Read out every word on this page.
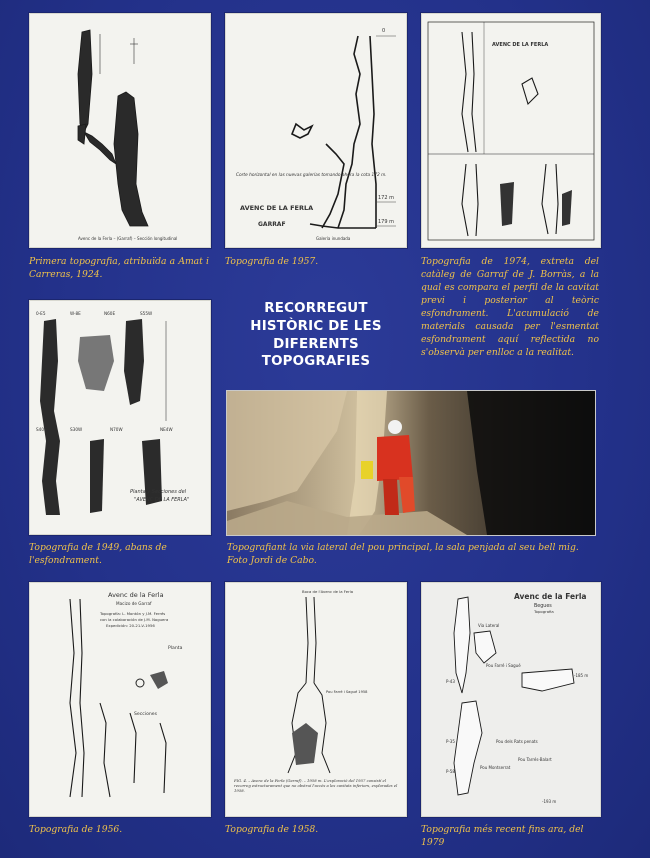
Avenc de la Ferla – (Garraf) – Sección longitudinal
Primera topografia, atribuïda a Amat i Carreras, 1924.
0
172 m
179 m
Corte horizontal en las nuevas galerías tomando ahora la cota 172 m.
AVENC DE LA FERLA
GARRAF
Galería inundada
Topografia de 1957.
AVENC DE LA FERLA
Topografia de 1974, extreta del catàleg de Garraf de J. Borràs, a la qual es compara el perfil de la cavitat previ i posterior al teòric esfondrament. L'acumulació de materials causada per l'esmentat esfondrament aquí reflectida no s'observà per enlloc a la realitat.
RECORREGUT
HISTÒRIC DE LES
DIFERENTS
TOPOGRAFIES
0-E5	W-8E	N60E	S55W
S40E	S30W	N70W	NE4W
Planta y Secciones del
"AVENC DE LA FERLA"
Topografia de 1949, abans de l'esfondrament.
Topografiant la via lateral del pou principal, la sala penjada al seu bell mig. Foto Jordi de Cabo.
Avenc de la Ferla
Macizo de Garraf
Topografía: L. Montón y J.M. Ferrés
con la colaboración de J.M. Noguera
Expedición: 20-21-V-1956
Planta
Secciones
Topografia de 1956.
Boca de l'Avenc de la Ferla
Pou Farré i Sagué 1958
FIG. 4. – Avenc de la Ferla (Garraf). – 1958 m. L'exploració del 1957 consistí el recorreg estructurament que no obstruí l'accés a les cavitats inferiors, explorades el 1958.
Topografia de 1958.
Avenc de la Ferla
Begues
Topografia
Via Lateral
Pou Farré i Sagué
P-43
P-35	Pou dels Rats penats
Pou Montserrat
Pou Tarrés-Balart
-185 m
-193 m
P-58
Topografia més recent fins ara, del 1979
